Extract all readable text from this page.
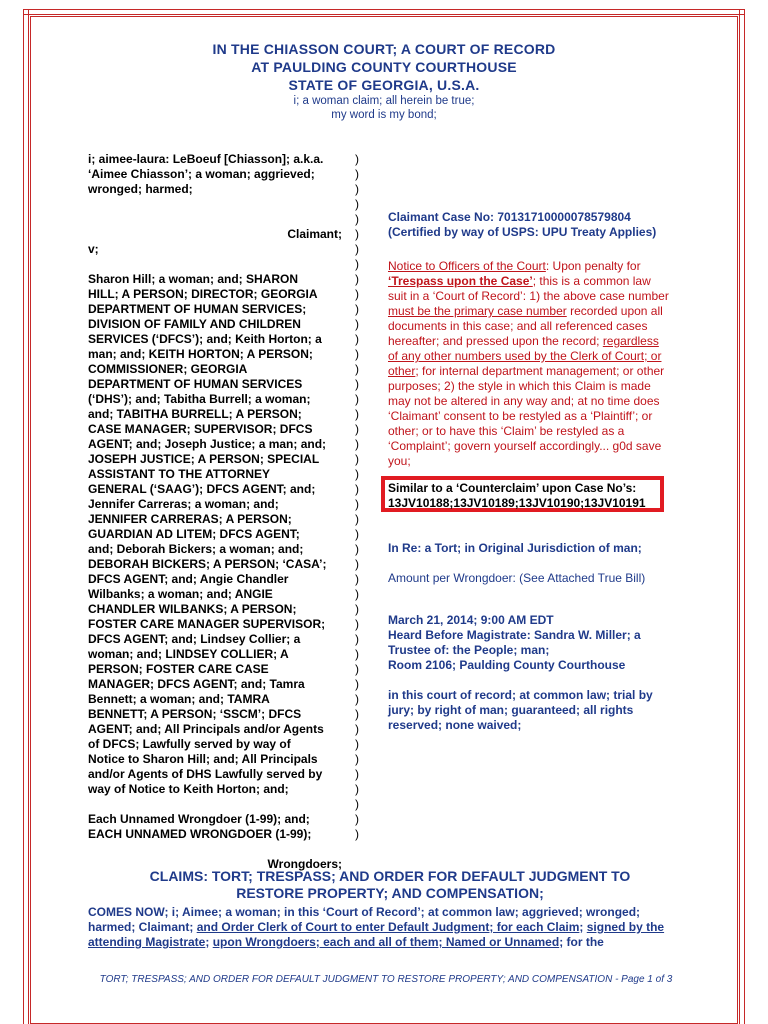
IN THE CHIASSON COURT; A COURT OF RECORD
AT PAULDING COUNTY COURTHOUSE
STATE OF GEORGIA, U.S.A.
i; a woman claim; all herein be true;
my word is my bond;
i; aimee-laura: LeBoeuf [Chiasson]; a.k.a.
‘Aimee Chiasson’; a woman; aggrieved;
wronged; harmed;
Claimant;
v;
Sharon Hill; a woman; and; SHARON
HILL; A PERSON; DIRECTOR; GEORGIA
DEPARTMENT OF HUMAN SERVICES;
DIVISION OF FAMILY AND CHILDREN
SERVICES (‘DFCS’); and; Keith Horton; a
man; and; KEITH HORTON; A PERSON;
COMMISSIONER; GEORGIA
DEPARTMENT OF HUMAN SERVICES
(‘DHS’); and; Tabitha Burrell; a woman;
and; TABITHA BURRELL; A PERSON;
CASE MANAGER; SUPERVISOR; DFCS
AGENT; and; Joseph Justice; a man; and;
JOSEPH JUSTICE; A PERSON; SPECIAL
ASSISTANT TO THE ATTORNEY
GENERAL (‘SAAG’); DFCS AGENT; and;
Jennifer Carreras; a woman; and;
JENNIFER CARRERAS; A PERSON;
GUARDIAN AD LITEM; DFCS AGENT;
and; Deborah Bickers; a woman; and;
DEBORAH BICKERS; A PERSON; ‘CASA’;
DFCS AGENT; and; Angie Chandler
Wilbanks; a woman; and; ANGIE
CHANDLER WILBANKS; A PERSON;
FOSTER CARE MANAGER SUPERVISOR;
DFCS AGENT; and; Lindsey Collier; a
woman; and; LINDSEY COLLIER; A
PERSON; FOSTER CARE CASE
MANAGER; DFCS AGENT; and; Tamra
Bennett; a woman; and; TAMRA
BENNETT; A PERSON; ‘SSCM’; DFCS
AGENT; and; All Principals and/or Agents
of DFCS; Lawfully served by way of
Notice to Sharon Hill; and; All Principals
and/or Agents of DHS Lawfully served by
way of Notice to Keith Horton; and;
Each Unnamed Wrongdoer (1-99); and;
EACH UNNAMED WRONGDOER (1-99);
Wrongdoers;
)
)
)
)
)
)
)
)
)
)
)
)
)
)
)
)
)
)
)
)
)
)
)
)
)
)
)
)
)
)
)
)
)
)
)
)
)
)
)
)
)
)
)
)
)
)
Claimant Case No: 70131710000078579804
(Certified by way of USPS: UPU Treaty Applies)
Notice to Officers of the Court: Upon penalty for ‘Trespass upon the Case’; this is a common law suit in a ‘Court of Record’: 1) the above case number must be the primary case number recorded upon all documents in this case; and all referenced cases hereafter; and pressed upon the record; regardless of any other numbers used by the Clerk of Court; or other; for internal department management; or other purposes; 2) the style in which this Claim is made may not be altered in any way and; at no time does ‘Claimant’ consent to be restyled as a ‘Plaintiff’; or other; or to have this ‘Claim’ be restyled as a ‘Complaint’; govern yourself accordingly... g0d save you;
Similar to a ‘Counterclaim’ upon Case No’s:
13JV10188;13JV10189;13JV10190;13JV10191
In Re: a Tort; in Original Jurisdiction of man;
Amount per Wrongdoer: (See Attached True Bill)
March 21, 2014; 9:00 AM EDT
Heard Before Magistrate: Sandra W. Miller; a
Trustee of: the People; man;
Room 2106; Paulding County Courthouse
in this court of record; at common law; trial by jury; by right of man; guaranteed; all rights reserved; none waived;
CLAIMS: TORT; TRESPASS; AND ORDER FOR DEFAULT JUDGMENT TO
RESTORE PROPERTY; AND COMPENSATION;
COMES NOW; i; Aimee; a woman; in this ‘Court of Record’; at common law; aggrieved; wronged; harmed; Claimant; and Order Clerk of Court to enter Default Judgment; for each Claim; signed by the attending Magistrate; upon Wrongdoers; each and all of them; Named or Unnamed; for the
TORT; TRESPASS; AND ORDER FOR DEFAULT JUDGMENT TO RESTORE PROPERTY; AND COMPENSATION - Page 1 of 3
